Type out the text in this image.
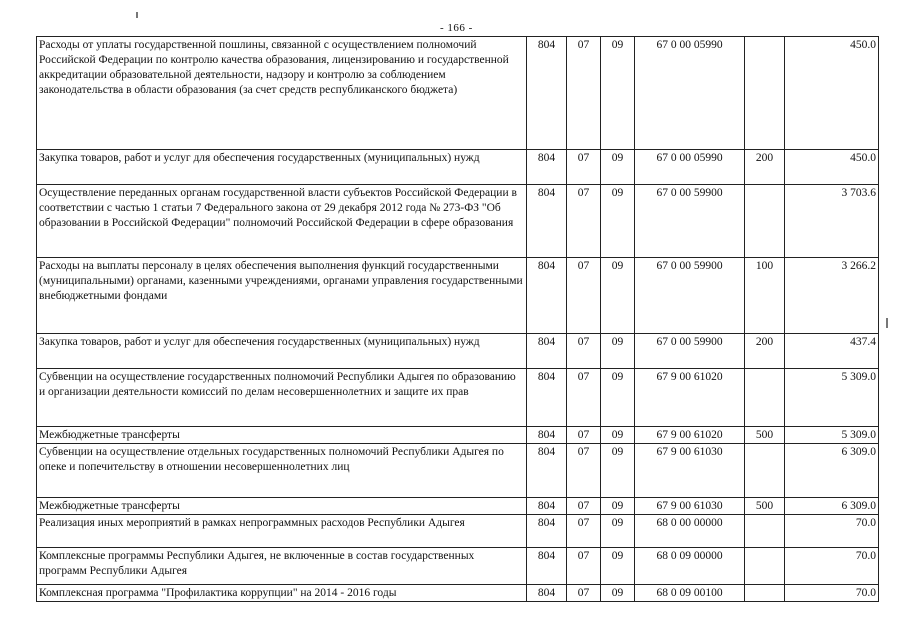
- 166 -
Расходы от уплаты государственной пошлины, связанной с осуществлением полномочий Российской Федерации по контролю качества образования, лицензированию и государственной аккредитации образовательной деятельности, надзору и контролю за соблюдением законодательства в области образования (за счет средств республиканского бюджета)	804	07	09	67 0 00 05990		450.0
Закупка товаров, работ и услуг для обеспечения государственных (муниципальных) нужд	804	07	09	67 0 00 05990	200	450.0
Осуществление переданных органам государственной власти субъектов Российской Федерации в соответствии с частью 1 статьи 7 Федерального закона от 29 декабря 2012 года № 273-ФЗ "Об образовании в Российской Федерации" полномочий Российской Федерации в сфере образования	804	07	09	67 0 00 59900		3 703.6
Расходы на выплаты персоналу в целях обеспечения выполнения функций государственными (муниципальными) органами, казенными учреждениями, органами управления государственными внебюджетными фондами	804	07	09	67 0 00 59900	100	3 266.2
Закупка товаров, работ и услуг для обеспечения государственных (муниципальных) нужд	804	07	09	67 0 00 59900	200	437.4
Субвенции на осуществление государственных полномочий Республики Адыгея по образованию и организации деятельности комиссий по делам несовершеннолетних и защите их прав	804	07	09	67 9 00 61020		5 309.0
Межбюджетные трансферты	804	07	09	67 9 00 61020	500	5 309.0
Субвенции на осуществление отдельных государственных полномочий Республики Адыгея по опеке и попечительству в отношении несовершеннолетних лиц	804	07	09	67 9 00 61030		6 309.0
Межбюджетные трансферты	804	07	09	67 9 00 61030	500	6 309.0
Реализация иных мероприятий в рамках непрограммных расходов Республики Адыгея	804	07	09	68 0 00 00000		70.0
Комплексные программы Республики Адыгея, не включенные в состав государственных программ Республики Адыгея	804	07	09	68 0 09 00000		70.0
Комплексная программа "Профилактика коррупции" на 2014 - 2016 годы	804	07	09	68 0 09 00100		70.0
